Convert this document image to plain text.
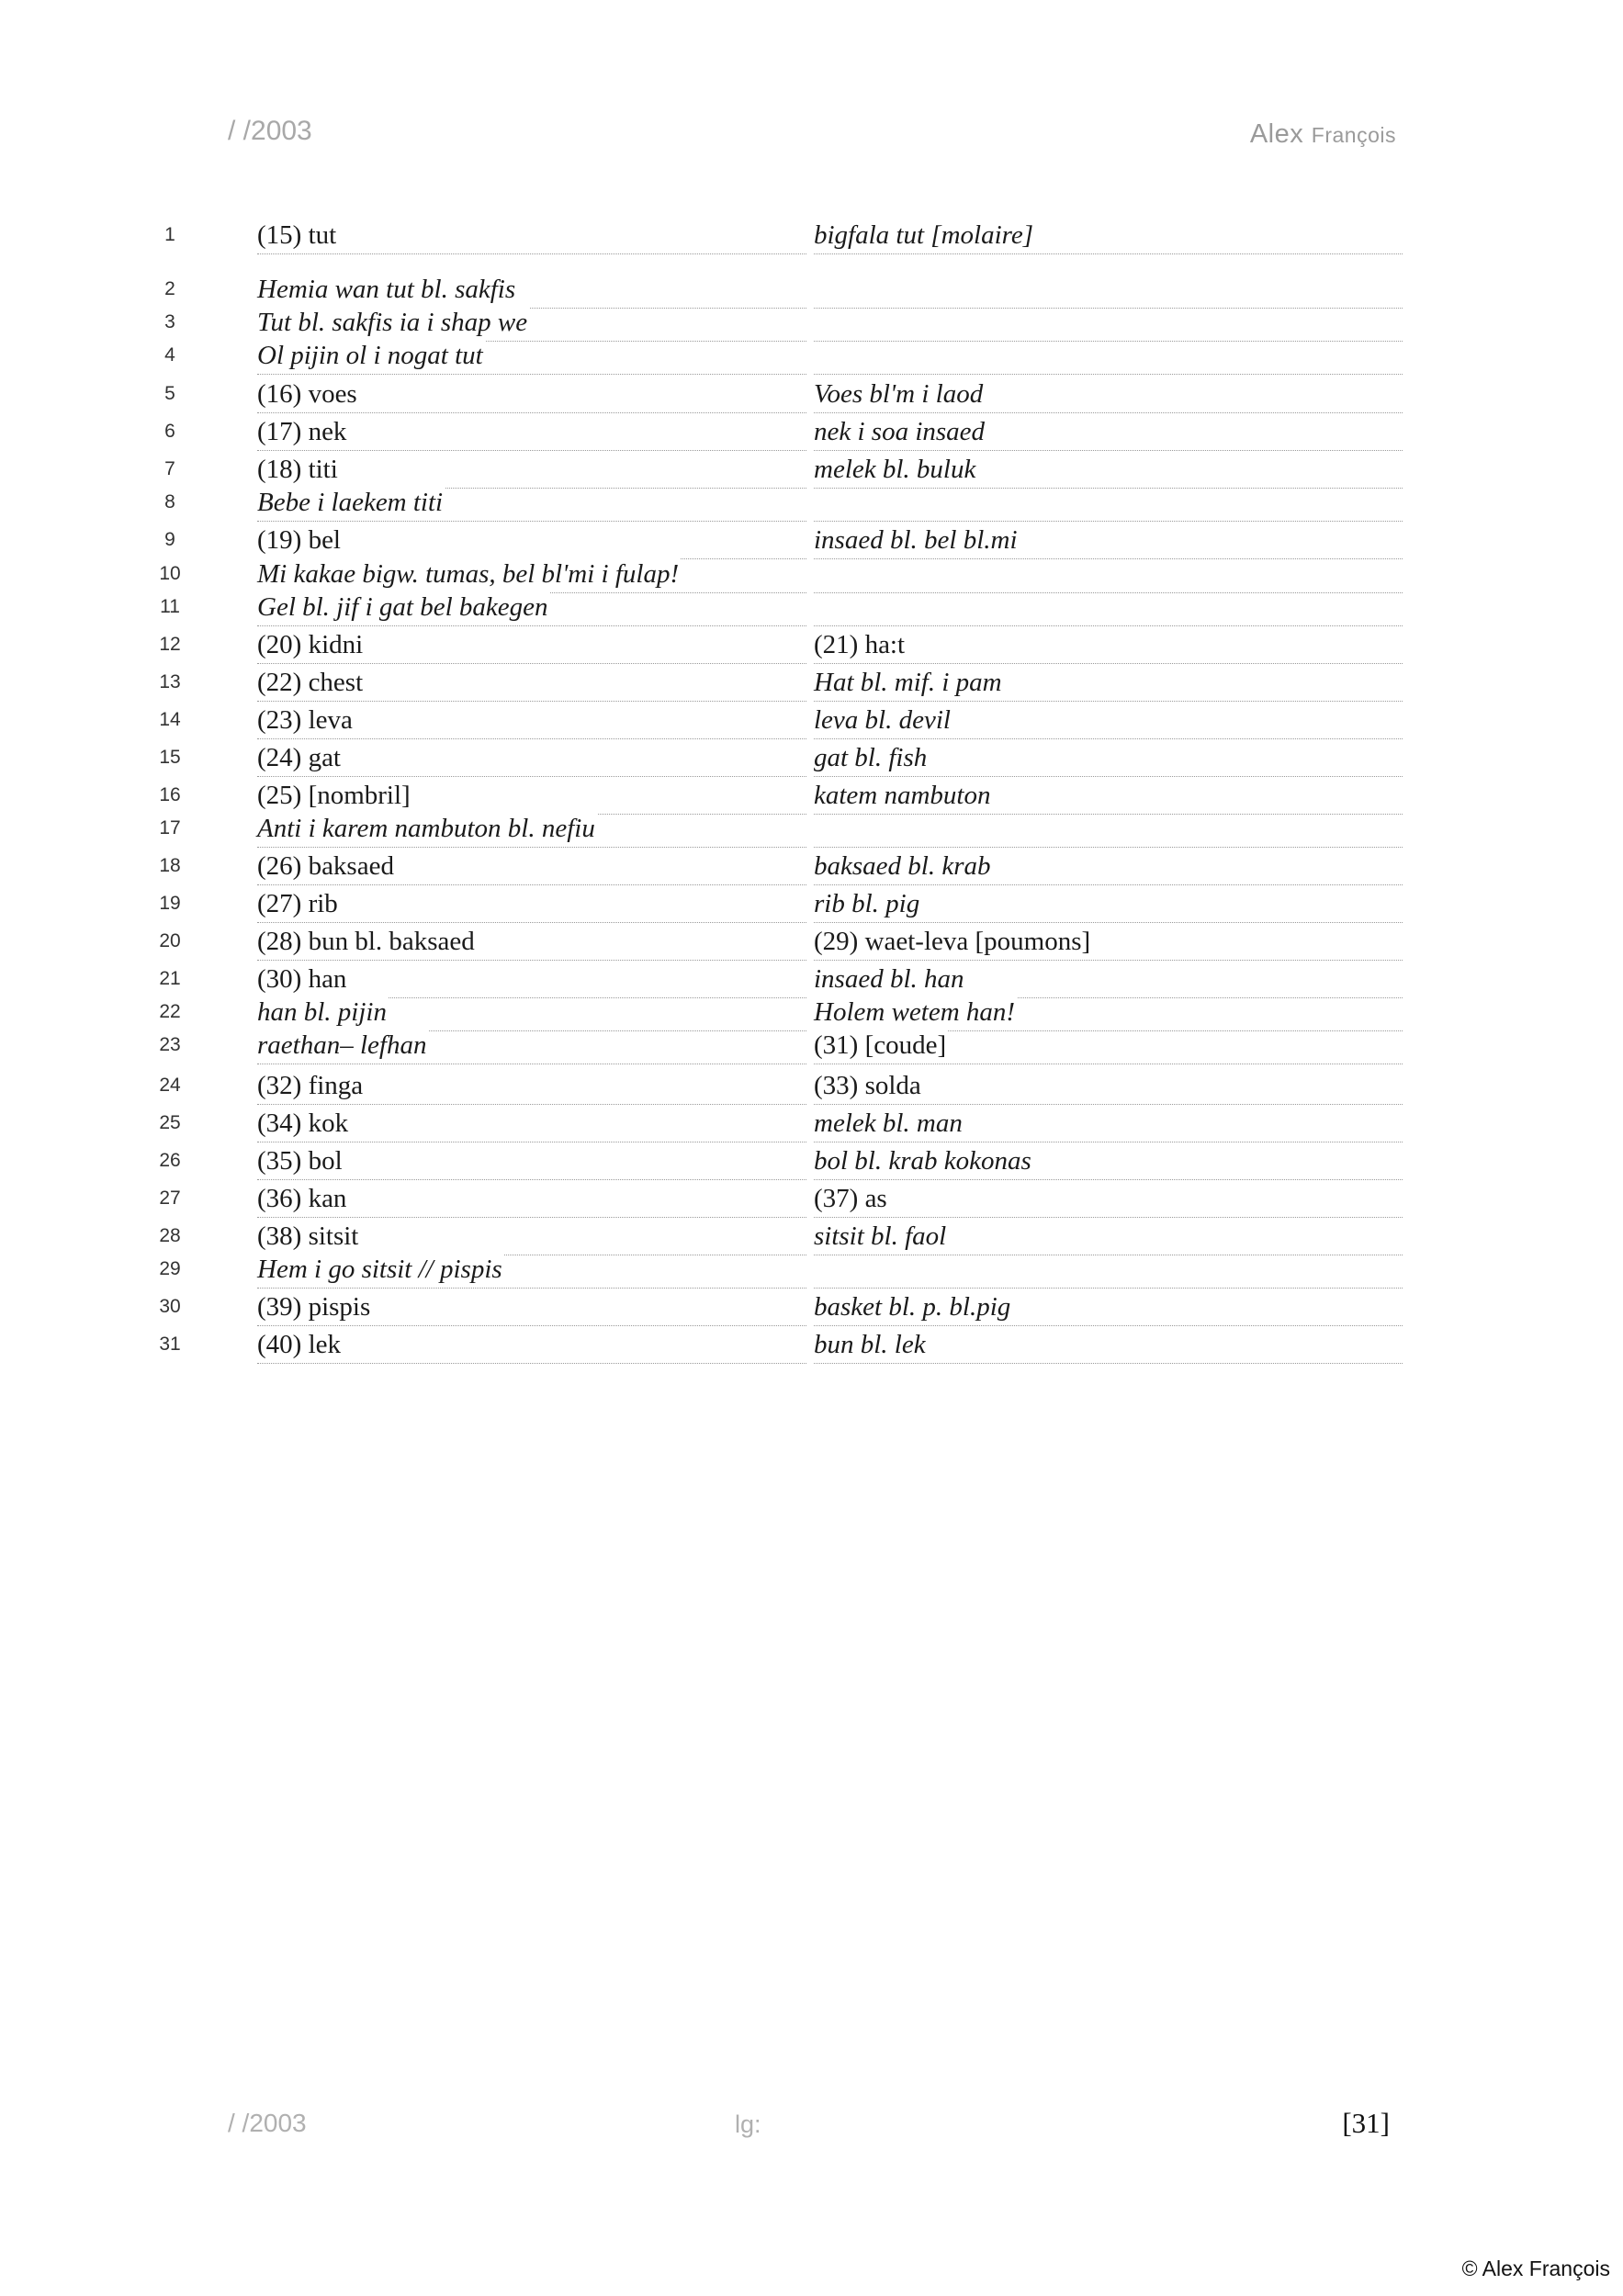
/ /2003	Alex François
1	(15) tut	bigfala tut [molaire]
2	Hemia wan tut bl. sakfis
3	Tut bl. sakfis ia i shap we
4	Ol pijin ol i nogat tut
5	(16) voes	Voes bl'm i laod
6	(17) nek	nek i soa insaed
7	(18) titi	melek bl. buluk
8	Bebe i laekem titi
9	(19) bel	insaed bl. bel bl.mi
10	Mi kakae bigw. tumas, bel bl'mi i fulap!
11	Gel bl. jif i gat bel bakegen
12	(20) kidni	(21) ha:t
13	(22) chest	Hat bl. mif. i pam
14	(23) leva	leva bl. devil
15	(24) gat	gat bl. fish
16	(25) [nombril]	katem nambuton
17	Anti i karem nambuton bl. nefiu
18	(26) baksaed	baksaed bl. krab
19	(27) rib	rib bl. pig
20	(28) bun bl. baksaed	(29) waet-leva [poumons]
21	(30) han	insaed bl. han
22	han bl. pijin	Holem wetem han!
23	raethan– lefhan	(31) [coude]
24	(32) finga	(33) solda
25	(34) kok	melek bl. man
26	(35) bol	bol bl. krab kokonas
27	(36) kan	(37) as
28	(38) sitsit	sitsit bl. faol
29	Hem i go sitsit // pispis
30	(39) pispis	basket bl. p. bl.pig
31	(40) lek	bun bl. lek
/ /2003	lg:	[31]
© Alex François
